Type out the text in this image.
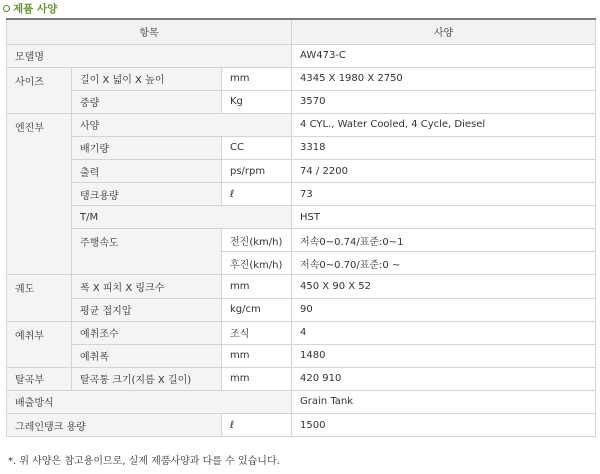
제품 사양
항목			사양
모델명			AW473-C
사이즈	길이 X 넓이 X 높이	mm	4345 X 1980 X 2750
	중량	Kg	3570
엔진부	사양		4 CYL., Water Cooled, 4 Cycle, Diesel
	배기량	CC	3318
	출력	ps/rpm	74 / 2200
	탱크용량	ℓ	73
	T/M		HST
	주행속도	전진(km/h)	저속0~0.74/표준:0~1
		후진(km/h)	저속0~0.70/표준:0 ~
궤도	폭 X 피치 X 링크수	mm	450 X 90 X 52
	평균 접지압	kg/cm	90
예취부	예취조수	조식	4
	예취폭	mm	1480
탈곡부	탈곡통 크기(지름 X 길이)	mm	420 910
배출방식			Grain Tank
그레인탱크 용량		ℓ	1500
*. 위 사양은 참고용이므로, 실제 제품사양과 다를 수 있습니다.
